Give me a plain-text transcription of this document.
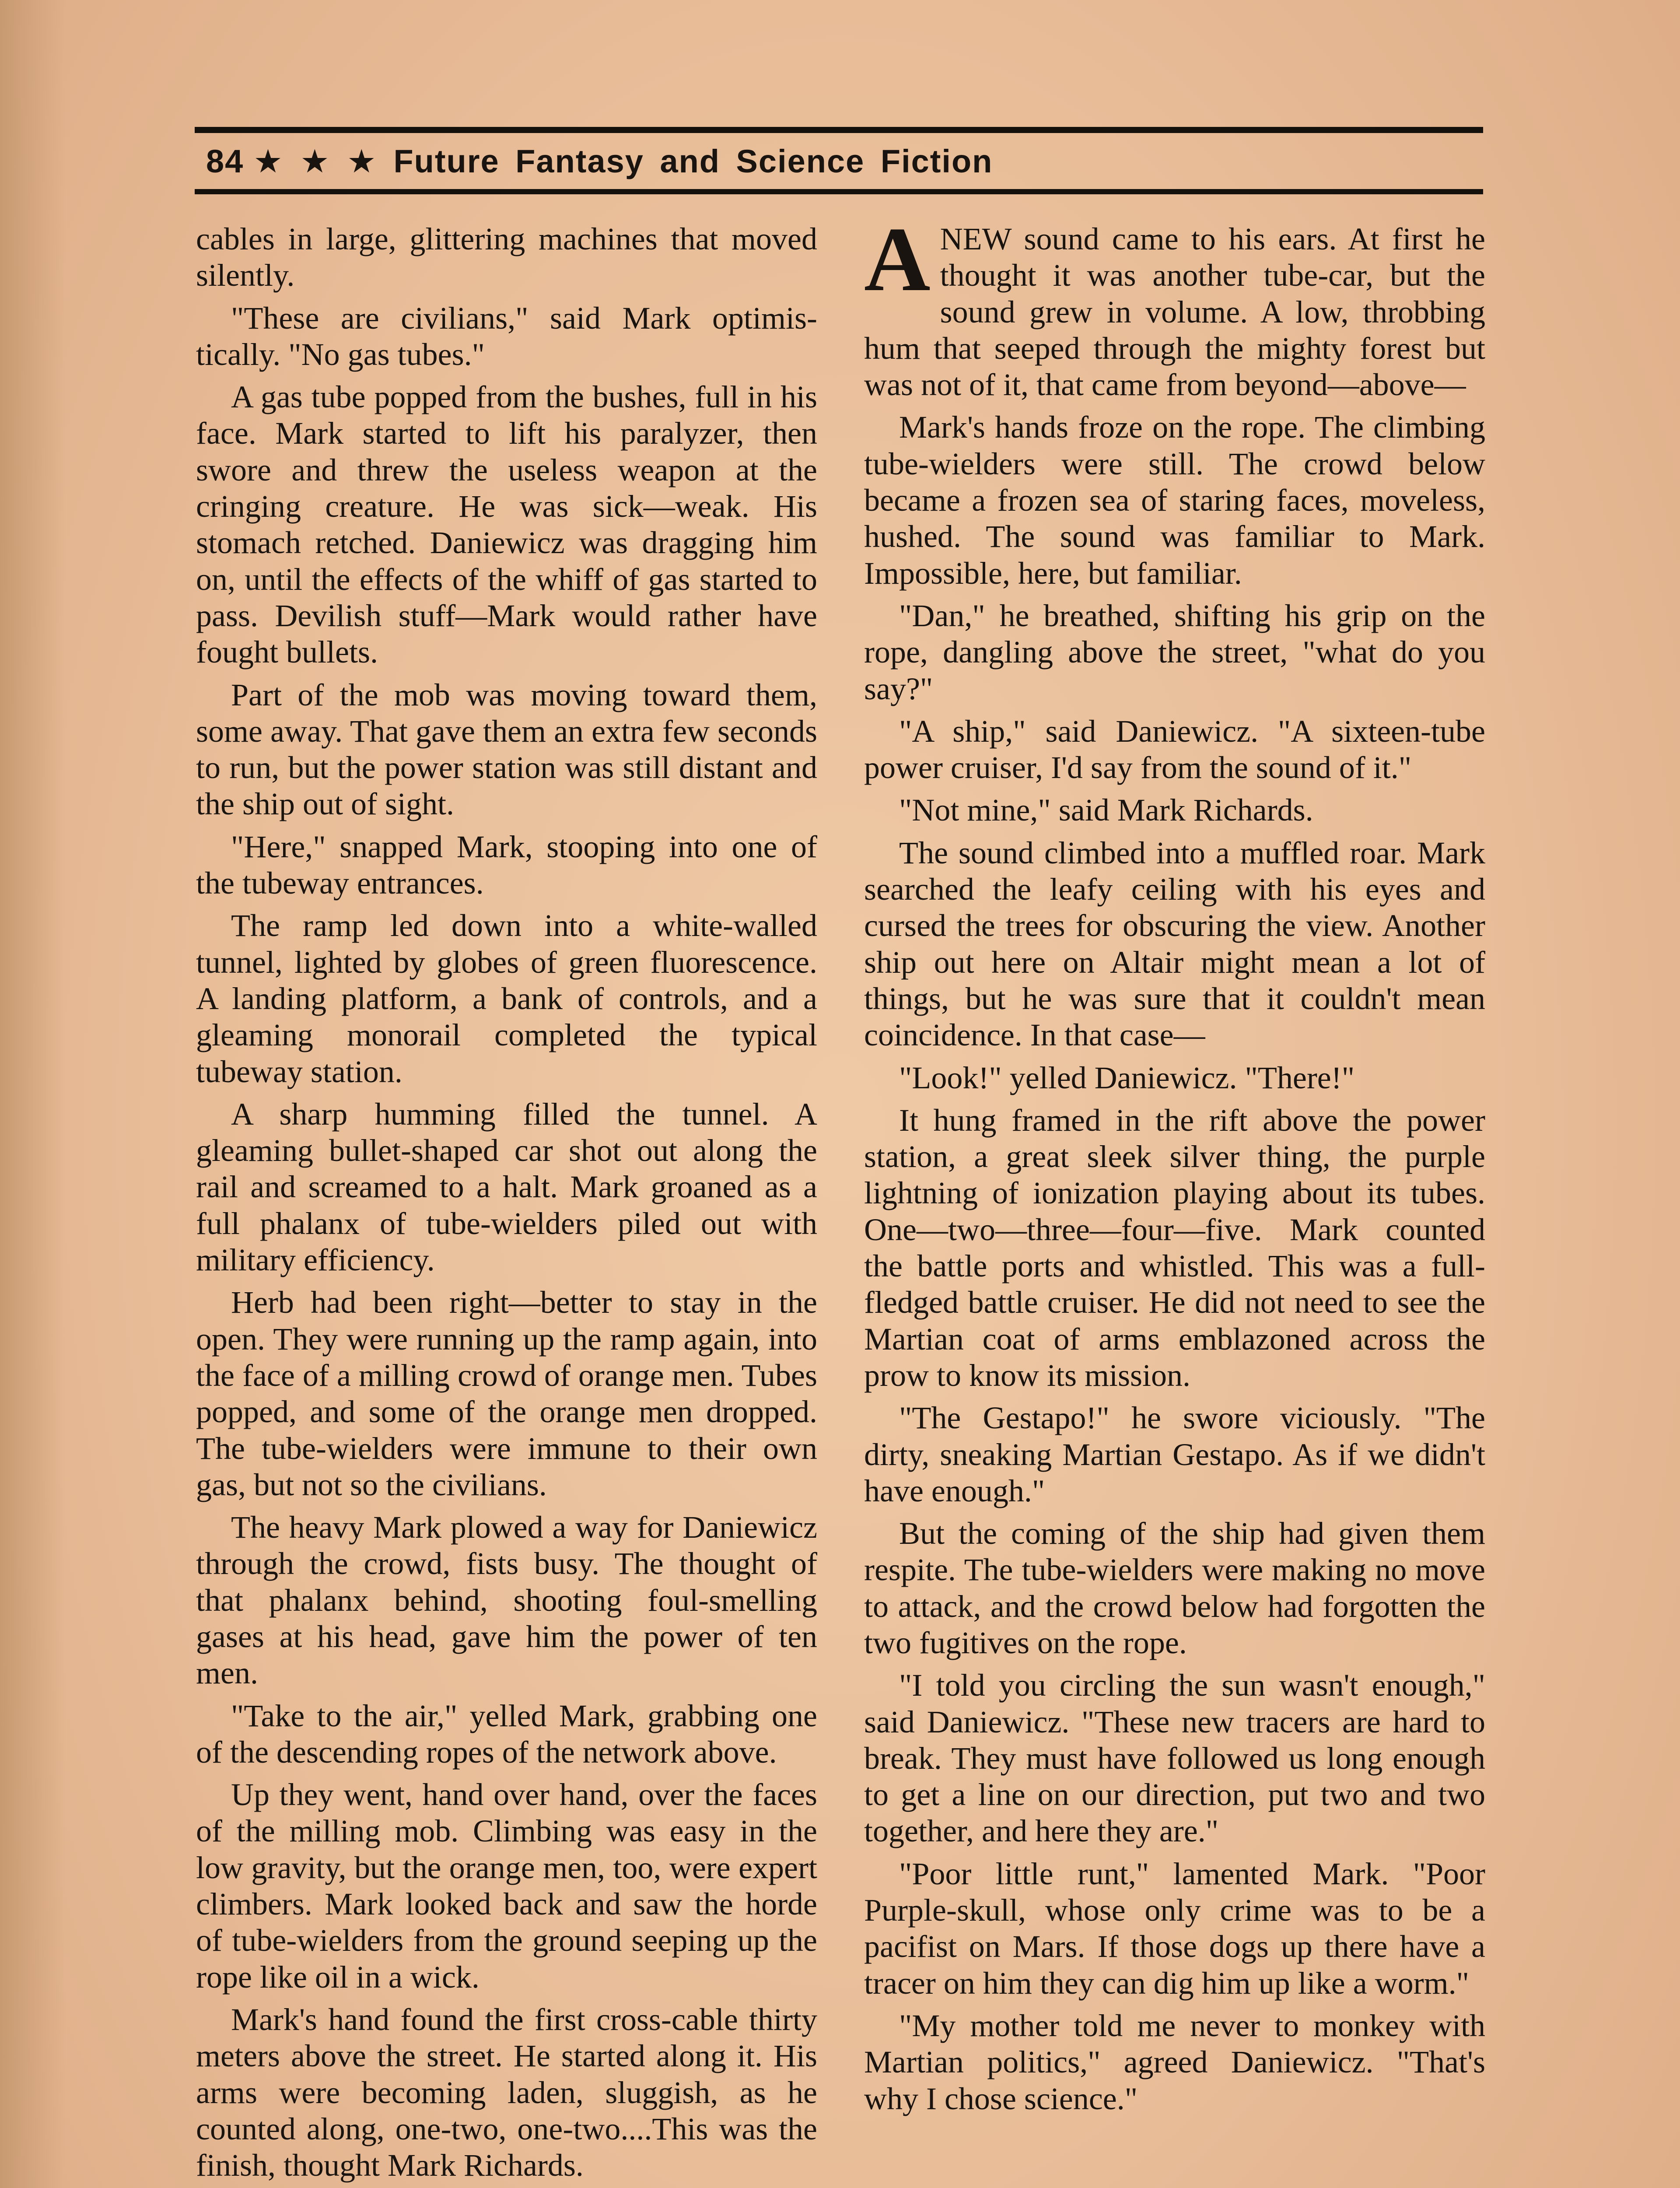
84 ★ ★ ★ Future Fantasy and Science Fiction

cables in large, glittering machines that moved silently.

"These are civilians," said Mark optimistically. "No gas tubes."

A gas tube popped from the bushes, full in his face. Mark started to lift his paralyzer, then swore and threw the useless weapon at the cringing creature. He was sick—weak. His stomach retched. Daniewicz was dragging him on, until the effects of the whiff of gas started to pass. Devilish stuff—Mark would rather have fought bullets.

Part of the mob was moving toward them, some away. That gave them an extra few seconds to run, but the power station was still distant and the ship out of sight.

"Here," snapped Mark, stooping into one of the tubeway entrances.

The ramp led down into a white-walled tunnel, lighted by globes of green fluorescence. A landing platform, a bank of controls, and a gleaming monorail completed the typical tubeway station.

A sharp humming filled the tunnel. A gleaming bullet-shaped car shot out along the rail and screamed to a halt. Mark groaned as a full phalanx of tube-wielders piled out with military efficiency.

Herb had been right—better to stay in the open. They were running up the ramp again, into the face of a milling crowd of orange men. Tubes popped, and some of the orange men dropped. The tube-wielders were immune to their own gas, but not so the civilians.

The heavy Mark plowed a way for Daniewicz through the crowd, fists busy. The thought of that phalanx behind, shooting foul-smelling gases at his head, gave him the power of ten men.

"Take to the air," yelled Mark, grabbing one of the descending ropes of the network above.

Up they went, hand over hand, over the faces of the milling mob. Climbing was easy in the low gravity, but the orange men, too, were expert climbers. Mark looked back and saw the horde of tube-wielders from the ground seeping up the rope like oil in a wick.

Mark's hand found the first cross-cable thirty meters above the street. He started along it. His arms were becoming laden, sluggish, as he counted along, one-two, one-two....This was the finish, thought Mark Richards.

ANEW sound came to his ears. At first he thought it was another tube-car, but the sound grew in volume. A low, throbbing hum that seeped through the mighty forest but was not of it, that came from beyond—above—

Mark's hands froze on the rope. The climbing tube-wielders were still. The crowd below became a frozen sea of staring faces, moveless, hushed. The sound was familiar to Mark. Impossible, here, but familiar.

"Dan," he breathed, shifting his grip on the rope, dangling above the street, "what do you say?"

"A ship," said Daniewicz. "A sixteen-tube power cruiser, I'd say from the sound of it."

"Not mine," said Mark Richards.

The sound climbed into a muffled roar. Mark searched the leafy ceiling with his eyes and cursed the trees for obscuring the view. Another ship out here on Altair might mean a lot of things, but he was sure that it couldn't mean coincidence. In that case—

"Look!" yelled Daniewicz. "There!"

It hung framed in the rift above the power station, a great sleek silver thing, the purple lightning of ionization playing about its tubes. One—two—three—four—five. Mark counted the battle ports and whistled. This was a full-fledged battle cruiser. He did not need to see the Martian coat of arms emblazoned across the prow to know its mission.

"The Gestapo!" he swore viciously. "The dirty, sneaking Martian Gestapo. As if we didn't have enough."

But the coming of the ship had given them respite. The tube-wielders were making no move to attack, and the crowd below had forgotten the two fugitives on the rope.

"I told you circling the sun wasn't enough," said Daniewicz. "These new tracers are hard to break. They must have followed us long enough to get a line on our direction, put two and two together, and here they are."

"Poor little runt," lamented Mark. "Poor Purple-skull, whose only crime was to be a pacifist on Mars. If those dogs up there have a tracer on him they can dig him up like a worm."

"My mother told me never to monkey with Martian politics," agreed Daniewicz. "That's why I chose science."
